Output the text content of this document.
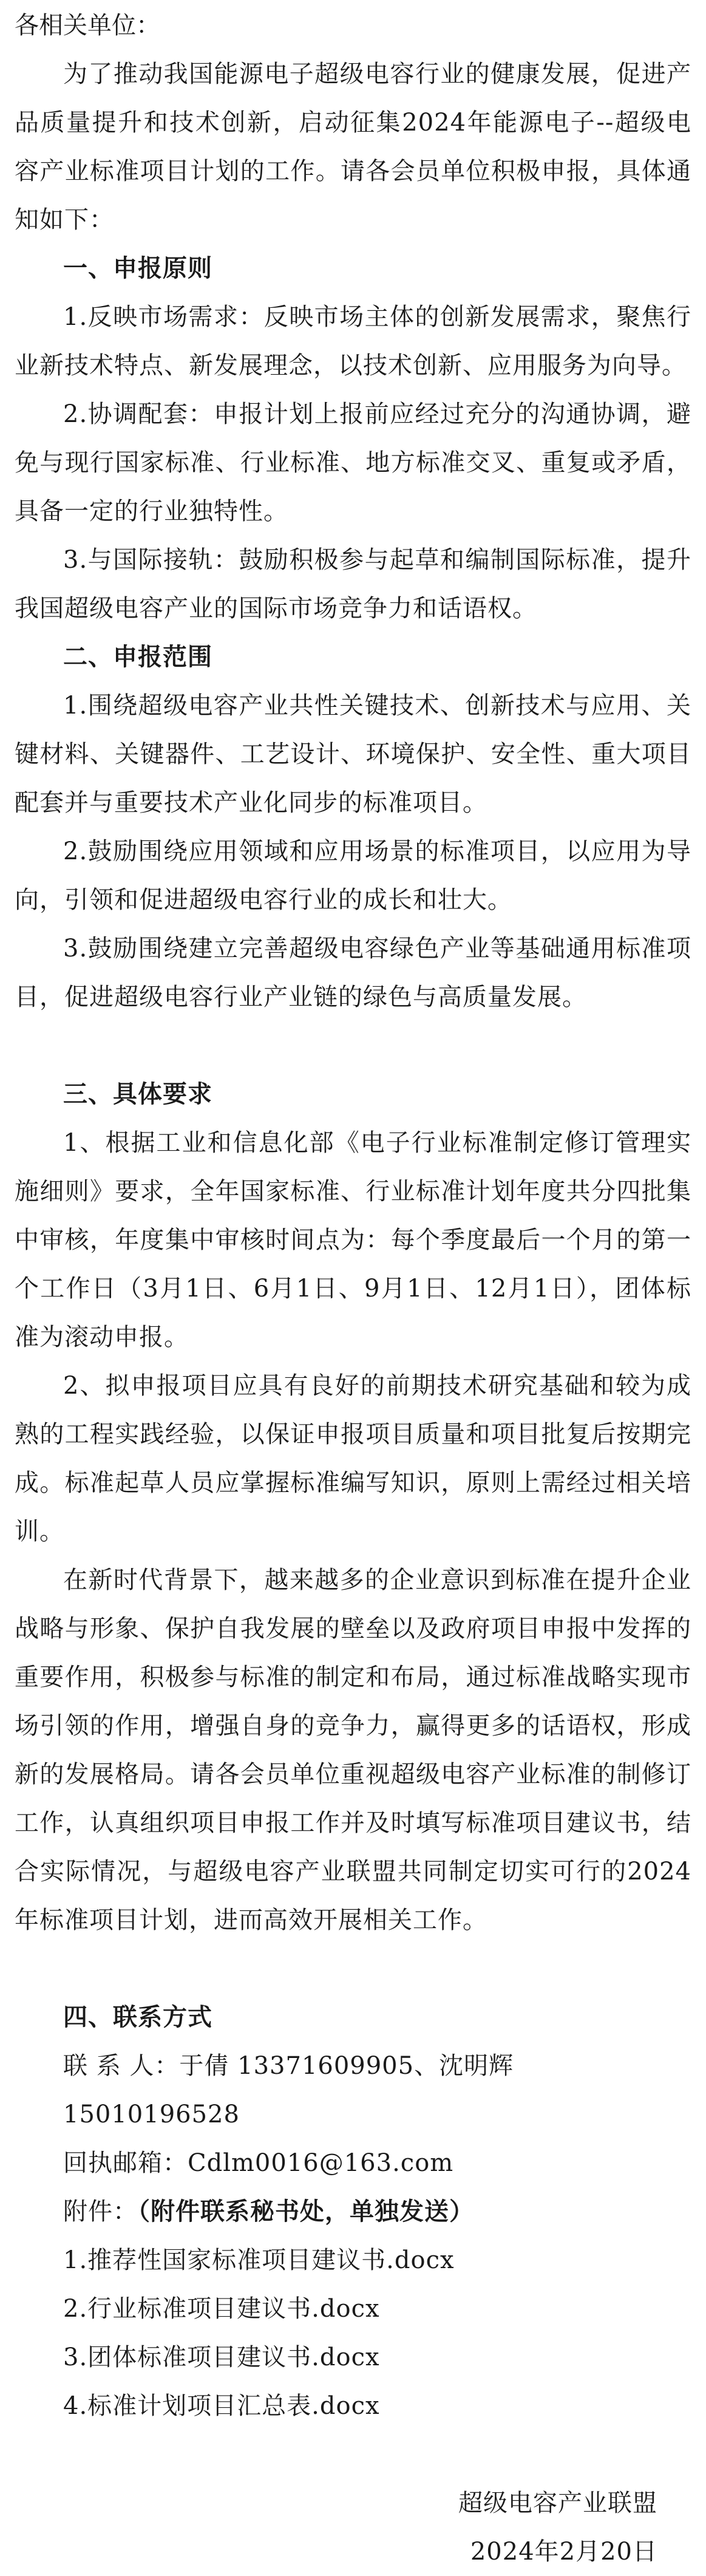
各相关单位：

为了推动我国能源电子超级电容行业的健康发展，促进产品质量提升和技术创新，启动征集2024年能源电子--超级电容产业标准项目计划的工作。请各会员单位积极申报，具体通知如下：

一、申报原则

1.反映市场需求：反映市场主体的创新发展需求，聚焦行业新技术特点、新发展理念，以技术创新、应用服务为向导。

2.协调配套：申报计划上报前应经过充分的沟通协调，避免与现行国家标准、行业标准、地方标准交叉、重复或矛盾，具备一定的行业独特性。

3.与国际接轨：鼓励积极参与起草和编制国际标准，提升我国超级电容产业的国际市场竞争力和话语权。

二、申报范围

1.围绕超级电容产业共性关键技术、创新技术与应用、关键材料、关键器件、工艺设计、环境保护、安全性、重大项目配套并与重要技术产业化同步的标准项目。

2.鼓励围绕应用领域和应用场景的标准项目，以应用为导向，引领和促进超级电容行业的成长和壮大。

3.鼓励围绕建立完善超级电容绿色产业等基础通用标准项目，促进超级电容行业产业链的绿色与高质量发展。

三、具体要求

1、根据工业和信息化部《电子行业标准制定修订管理实施细则》要求，全年国家标准、行业标准计划年度共分四批集中审核，年度集中审核时间点为：每个季度最后一个月的第一个工作日（3月1日、6月1日、9月1日、12月1日），团体标准为滚动申报。

2、拟申报项目应具有良好的前期技术研究基础和较为成熟的工程实践经验，以保证申报项目质量和项目批复后按期完成。标准起草人员应掌握标准编写知识，原则上需经过相关培训。

在新时代背景下，越来越多的企业意识到标准在提升企业战略与形象、保护自我发展的壁垒以及政府项目申报中发挥的重要作用，积极参与标准的制定和布局，通过标准战略实现市场引领的作用，增强自身的竞争力，赢得更多的话语权，形成新的发展格局。请各会员单位重视超级电容产业标准的制修订工作，认真组织项目申报工作并及时填写标准项目建议书，结合实际情况，与超级电容产业联盟共同制定切实可行的2024年标准项目计划，进而高效开展相关工作。

四、联系方式

联 系 人：于倩 13371609905、沈明辉 15010196528

回执邮箱：Cdlm0016@163.com

附件：（附件联系秘书处，单独发送）

1.推荐性国家标准项目建议书.docx

2.行业标准项目建议书.docx

3.团体标准项目建议书.docx

4.标准计划项目汇总表.docx

超级电容产业联盟

2024年2月20日
